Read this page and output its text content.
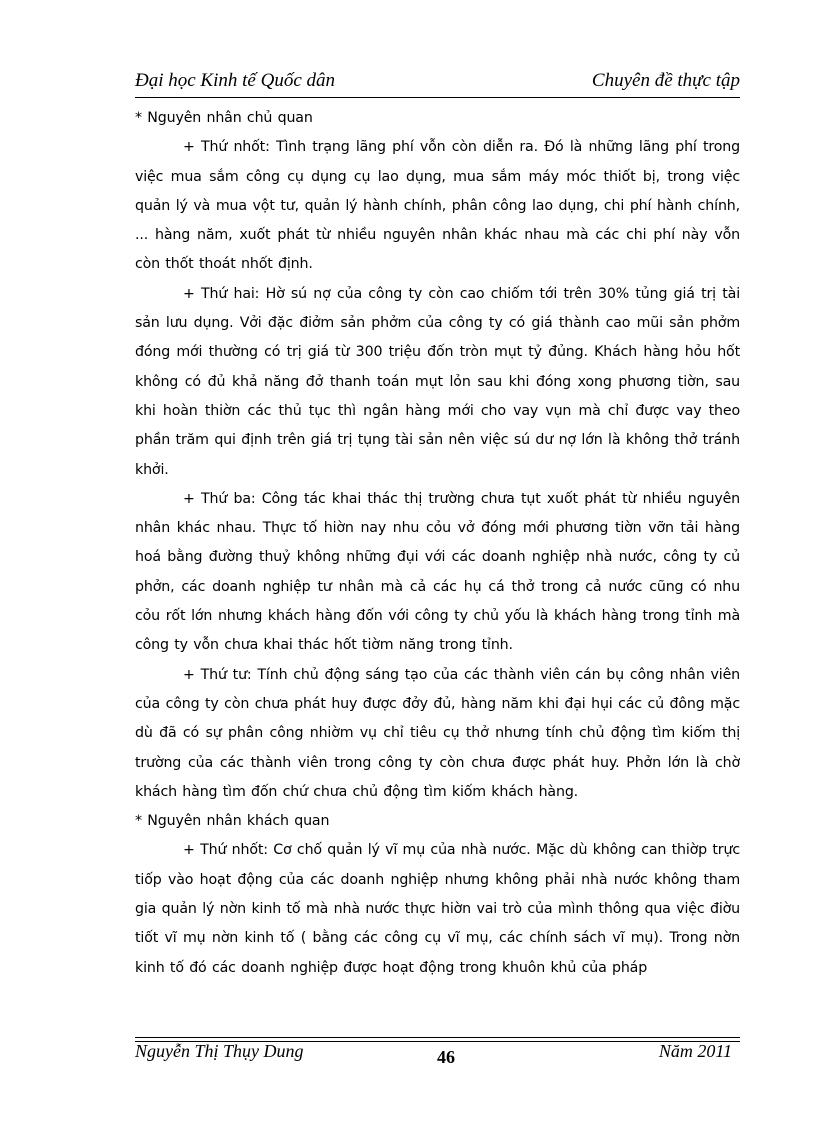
Đại học Kinh tế Quốc dân	Chuyên đề thực tập

* Nguyên nhân chủ quan

+ Thứ nhốt: Tình trạng lãng phí vỗn còn diễn ra. Đó là những lãng phí trong việc mua sắm công cụ dụng cụ lao dụng, mua sắm máy móc thiốt bị, trong việc quản lý và mua vột tư, quản lý hành chính, phân công lao dụng, chi phí hành chính, ... hàng năm, xuốt phát từ nhiều nguyên nhân khác nhau mà các chi phí này vỗn còn thốt thoát nhốt định.

+ Thứ hai: Hờ sú nợ của công ty còn cao chiốm tới trên 30% tủng giá trị tài sản lưu dụng. Vởi đặc điởm sản phởm của công ty có giá thành cao mũi sản phởm đóng mới thường có trị giá từ 300 triệu đốn tròn mụt tỷ đủng. Khách hàng hỏu hốt không có đủ khả năng đở thanh toán mụt lỏn sau khi đóng xong phương tiờn, sau khi hoàn thiờn các thủ tục thì ngân hàng mới cho vay vụn mà chỉ được vay theo phần trăm qui định trên giá trị tụng tài sản nên việc sú dư nợ lớn là không thở tránh khởi.

+ Thứ ba: Công tác khai thác thị trường chưa tụt xuốt phát từ nhiều nguyên nhân khác nhau. Thực tố hiờn nay nhu cỏu vở đóng mới phương tiờn vỡn tải hàng hoá bằng đường thuỷ không những đụi với các doanh nghiệp nhà nước, công ty củ phởn, các doanh nghiệp tư nhân mà cả các hụ cá thở trong cả nước cũng có nhu cỏu rốt lớn nhưng khách hàng đốn với công ty chủ yốu là khách hàng trong tỉnh mà công ty vỗn chưa khai thác hốt tiờm năng trong tỉnh.

+ Thứ tư: Tính chủ động sáng tạo của các thành viên cán bụ công nhân viên của công ty còn chưa phát huy được đởy đủ, hàng năm khi đại hụi các củ đông mặc dù đã có sự phân công nhiờm vụ chỉ tiêu cụ thở nhưng tính chủ động tìm kiốm thị trường của các thành viên trong công ty còn chưa được phát huy. Phởn lớn là chờ khách hàng tìm đốn chứ chưa chủ động tìm kiốm khách hàng.

* Nguyên nhân khách quan

+ Thứ nhốt: Cơ chố quản lý vĩ mụ của nhà nước. Mặc dù không can thiờp trực tiốp vào hoạt động của các doanh nghiệp nhưng không phải nhà nước không tham gia quản lý nờn kinh tố mà nhà nước thực hiờn vai trò của mình thông qua việc điờu tiốt vĩ mụ nờn kinh tố ( bằng các công cụ vĩ mụ, các chính sách vĩ mụ). Trong nờn kinh tố đó các doanh nghiệp được hoạt động trong khuôn khủ của pháp

Nguyễn Thị Thụy Dung	46	Năm 2011
